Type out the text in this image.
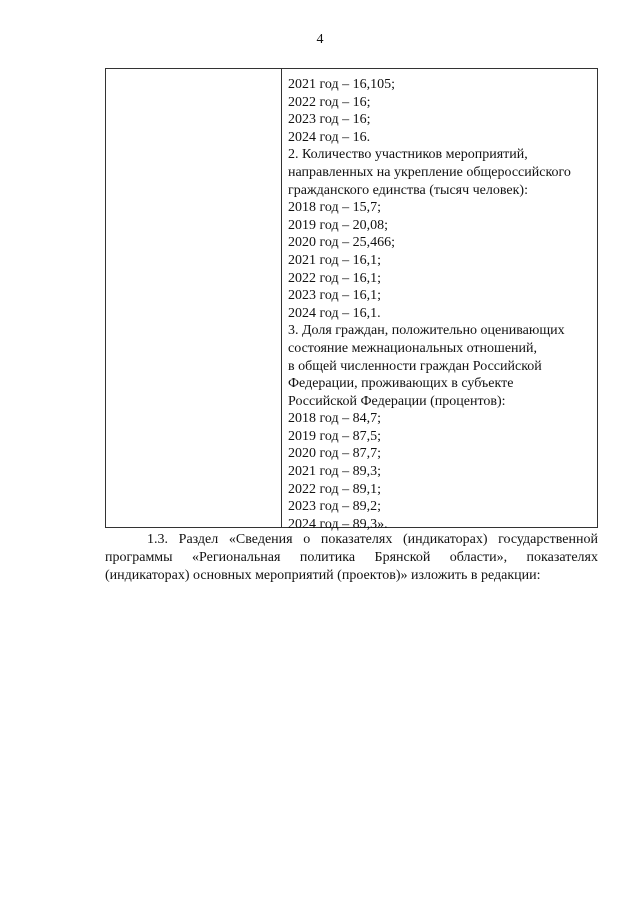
4
2021 год – 16,105;
2022 год – 16;
2023 год – 16;
2024 год – 16.
2. Количество участников мероприятий,
направленных на укрепление общероссийского
гражданского единства (тысяч человек):
2018 год – 15,7;
2019 год – 20,08;
2020 год – 25,466;
2021 год – 16,1;
2022 год – 16,1;
2023 год – 16,1;
2024 год – 16,1.
3. Доля граждан, положительно оценивающих
состояние межнациональных отношений,
в общей численности граждан Российской
Федерации, проживающих в субъекте
Российской Федерации (процентов):
2018 год – 84,7;
2019 год – 87,5;
2020 год – 87,7;
2021 год – 89,3;
2022 год – 89,1;
2023 год – 89,2;
2024 год – 89,3».
1.3. Раздел «Сведения о показателях (индикаторах) государственной
программы «Региональная политика Брянской области», показателях
(индикаторах) основных мероприятий (проектов)» изложить в редакции:
